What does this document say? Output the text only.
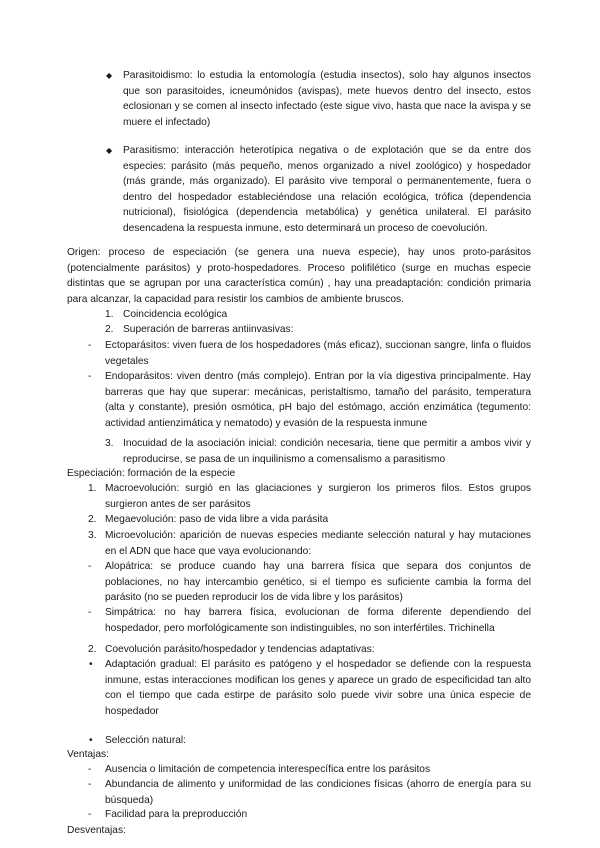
◆ Parasitoidismo: lo estudia la entomología (estudia insectos), solo hay algunos insectos que son parasitoides, icneumónidos (avispas), mete huevos dentro del insecto, estos eclosionan y se comen al insecto infectado (este sigue vivo, hasta que nace la avispa y se muere el infectado)

◆ Parasitismo: interacción heterotípica negativa o de explotación que se da entre dos especies: parásito (más pequeño, menos organizado a nivel zoológico) y hospedador (más grande, más organizado). El parásito vive temporal o permanentemente, fuera o dentro del hospedador estableciéndose una relación ecológica, trófica (dependencia nutricional), fisiológica (dependencia metabólica) y genética unilateral. El parásito desencadena la respuesta inmune, esto determinará un proceso de coevolución.

Origen: proceso de especiación (se genera una nueva especie), hay unos proto-parásitos (potencialmente parásitos) y proto-hospedadores. Proceso polifilético (surge en muchas especie distintas que se agrupan por una característica común) , hay una preadaptación: condición primaria para alcanzar, la capacidad para resistir los cambios de ambiente bruscos.

1. Coincidencia ecológica

2. Superación de barreras antiinvasivas:

- Ectoparásitos: viven fuera de los hospedadores (más eficaz), succionan sangre, linfa o fluidos vegetales

- Endoparásitos: viven dentro (más complejo). Entran por la vía digestiva principalmente. Hay barreras que hay que superar: mecánicas, peristaltismo, tamaño del parásito, temperatura (alta y constante), presión osmótica, pH bajo del estómago, acción enzimática (tegumento: actividad antienzimática y nematodo) y evasión de la respuesta inmune

3. Inocuidad de la asociación inicial: condición necesaria, tiene que permitir a ambos vivir y reproducirse, se pasa de un inquilinismo a comensalismo a parasitismo

Especiación: formación de la especie

1. Macroevolución: surgió en las glaciaciones y surgieron los primeros filos. Estos grupos surgieron antes de ser parásitos

2. Megaevolución: paso de vida libre a vida parásita

3. Microevolución: aparición de nuevas especies mediante selección natural y hay mutaciones en el ADN que hace que vaya evolucionando:

- Alopátrica: se produce cuando hay una barrera física que separa dos conjuntos de poblaciones, no hay intercambio genético, si el tiempo es suficiente cambia la forma del parásito (no se pueden reproducir los de vida libre y los parásitos)

- Simpátrica: no hay barrera física, evolucionan de forma diferente dependiendo del hospedador, pero morfológicamente son indistinguibles, no son interfértiles. Trichinella

2. Coevolución parásito/hospedador y tendencias adaptativas:

• Adaptación gradual: El parásito es patógeno y el hospedador se defiende con la respuesta inmune, estas interacciones modifican los genes y aparece un grado de especificidad tan alto con el tiempo que cada estirpe de parásito solo puede vivir sobre una única especie de hospedador

• Selección natural:

Ventajas:

- Ausencia o limitación de competencia interespecífica entre los parásitos

- Abundancia de alimento y uniformidad de las condiciones físicas (ahorro de energía para su búsqueda)

- Facilidad para la preproducción

Desventajas:
